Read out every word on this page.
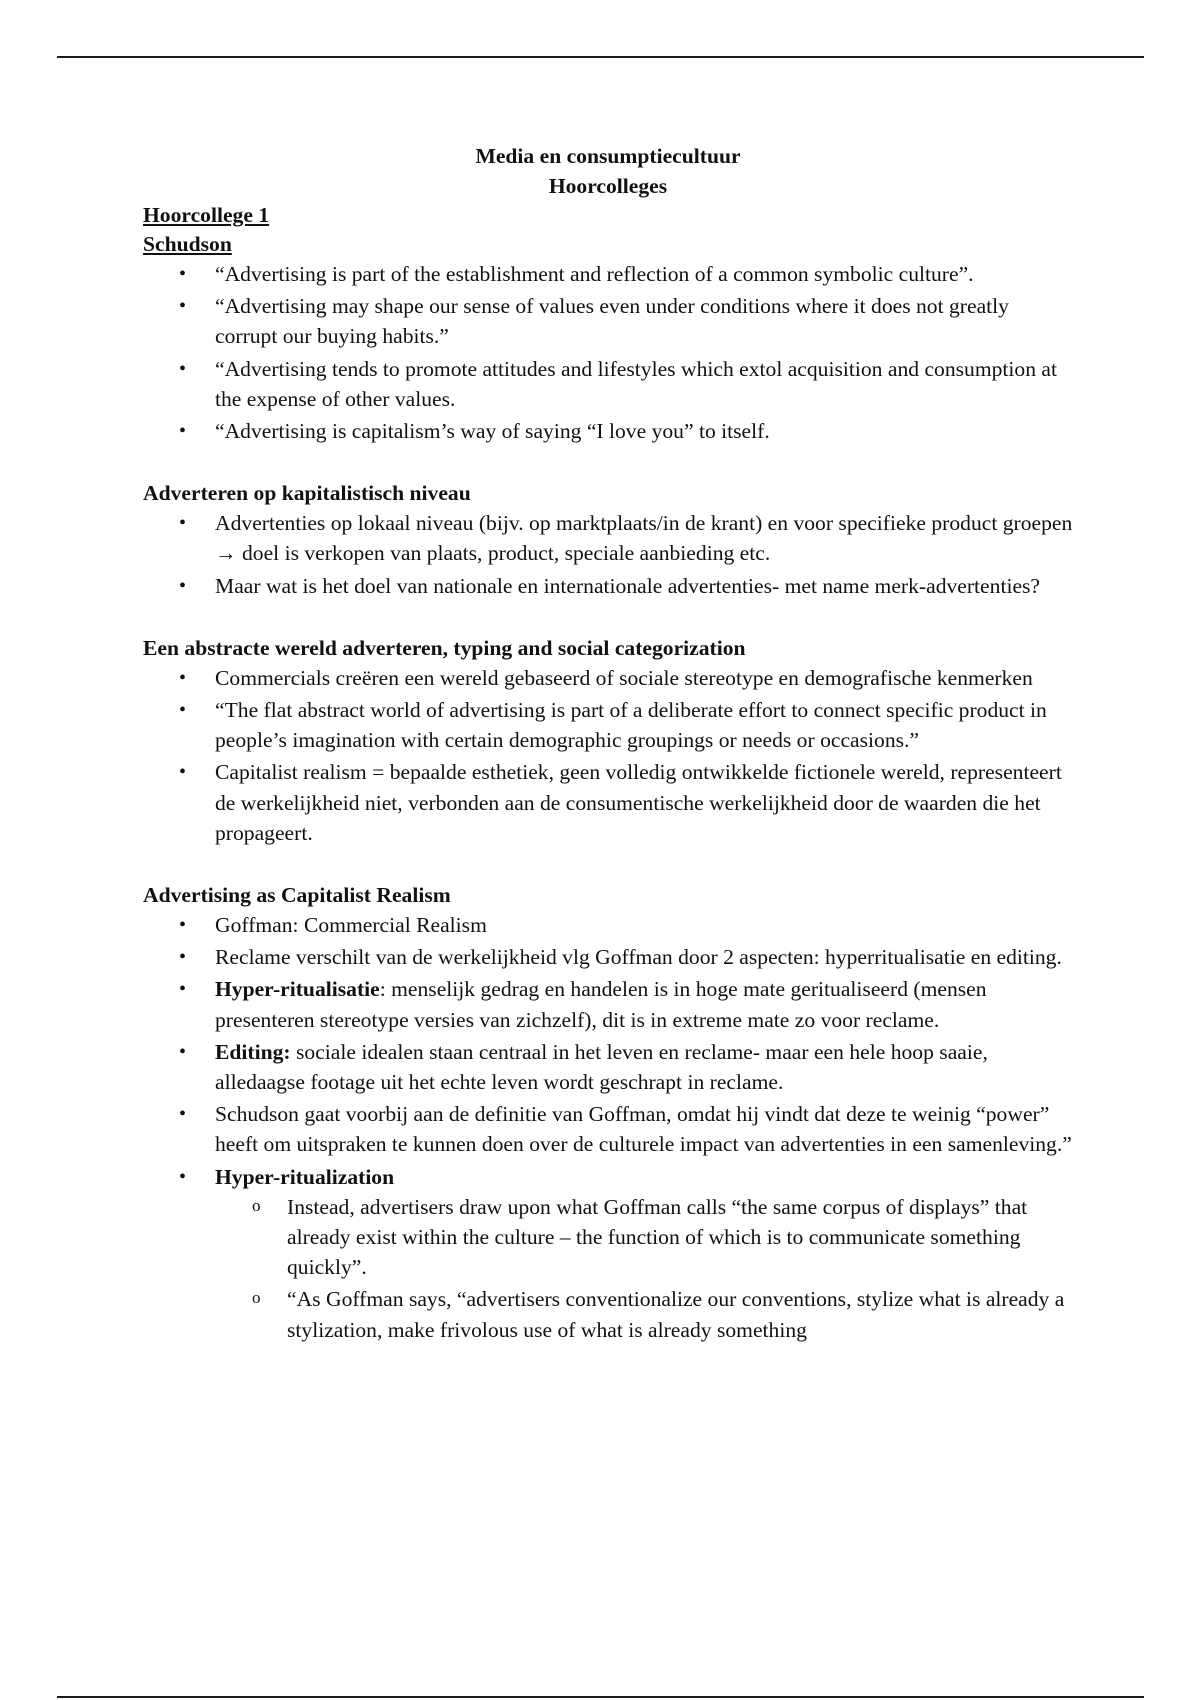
Media en consumptiecultuur

Hoorcolleges

Hoorcollege 1

Schudson

• “Advertising is part of the establishment and reflection of a common symbolic culture”.
• “Advertising may shape our sense of values even under conditions where it does not greatly corrupt our buying habits.”
• “Advertising tends to promote attitudes and lifestyles which extol acquisition and consumption at the expense of other values.
• “Advertising is capitalism’s way of saying “I love you” to itself.

Adverteren op kapitalistisch niveau

• Advertenties op lokaal niveau (bijv. op marktplaats/in de krant) en voor specifieke product groepen → doel is verkopen van plaats, product, speciale aanbieding etc.
• Maar wat is het doel van nationale en internationale advertenties- met name merk-advertenties?

Een abstracte wereld adverteren, typing and social categorization

• Commercials creëren een wereld gebaseerd of sociale stereotype en demografische kenmerken
• “The flat abstract world of advertising is part of a deliberate effort to connect specific product in people’s imagination with certain demographic groupings or needs or occasions.”
• Capitalist realism = bepaalde esthetiek, geen volledig ontwikkelde fictionele wereld, representeert de werkelijkheid niet, verbonden aan de consumentische werkelijkheid door de waarden die het propageert.

Advertising as Capitalist Realism

• Goffman: Commercial Realism
• Reclame verschilt van de werkelijkheid vlg Goffman door 2 aspecten: hyperritualisatie en editing.
• Hyper-ritualisatie: menselijk gedrag en handelen is in hoge mate geritualiseerd (mensen presenteren stereotype versies van zichzelf), dit is in extreme mate zo voor reclame.
• Editing: sociale idealen staan centraal in het leven en reclame- maar een hele hoop saaie, alledaagse footage uit het echte leven wordt geschrapt in reclame.
• Schudson gaat voorbij aan de definitie van Goffman, omdat hij vindt dat deze te weinig “power” heeft om uitspraken te kunnen doen over de culturele impact van advertenties in een samenleving.”
• Hyper-ritualization
o Instead, advertisers draw upon what Goffman calls “the same corpus of displays” that already exist within the culture – the function of which is to communicate something quickly”.
o “As Goffman says, “advertisers conventionalize our conventions, stylize what is already a stylization, make frivolous use of what is already something
